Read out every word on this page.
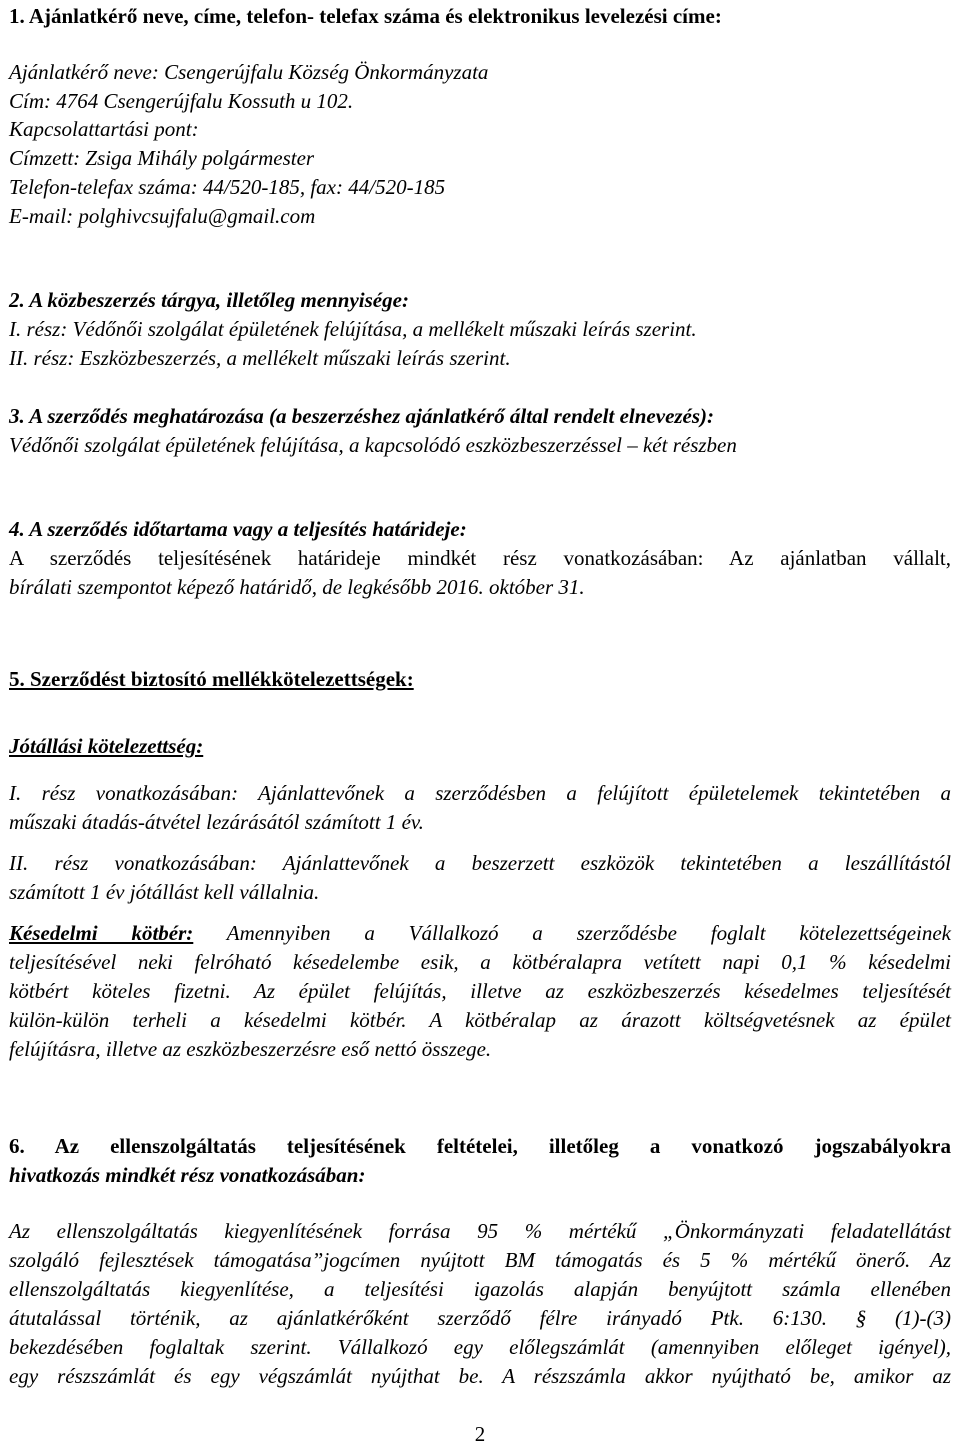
1. Ajánlatkérő neve, címe, telefon- telefax száma és elektronikus levelezési címe:
Ajánlatkérő neve: Csengerújfalu Község Önkormányzata
Cím: 4764 Csengerújfalu Kossuth u 102.
Kapcsolattartási pont:
Címzett: Zsiga Mihály polgármester
Telefon-telefax száma: 44/520-185, fax: 44/520-185
E-mail: polghivcsujfalu@gmail.com
2. A közbeszerzés tárgya, illetőleg mennyisége:
I. rész: Védőnői szolgálat épületének felújítása, a mellékelt műszaki leírás szerint.
II. rész: Eszközbeszerzés, a mellékelt műszaki leírás szerint.
3. A szerződés meghatározása (a beszerzéshez ajánlatkérő által rendelt elnevezés):
Védőnői szolgálat épületének felújítása, a kapcsolódó eszközbeszerzéssel – két részben
4. A szerződés időtartama vagy a teljesítés határideje:
A szerződés teljesítésének határideje mindkét rész vonatkozásában: Az ajánlatban vállalt,
bírálati szempontot képező határidő, de legkésőbb 2016. október 31.
5. Szerződést biztosító mellékkötelezettségek:
Jótállási kötelezettség:
I. rész vonatkozásában: Ajánlattevőnek a szerződésben a felújított épületelemek tekintetében a
műszaki átadás-átvétel lezárásától számított 1 év.
II. rész vonatkozásában: Ajánlattevőnek a beszerzett eszközök tekintetében a leszállítástól
számított 1 év jótállást kell vállalnia.
Késedelmi kötbér: Amennyiben a Vállalkozó a szerződésbe foglalt kötelezettségeinek
teljesítésével neki felróható késedelembe esik, a kötbéralapra vetített napi 0,1 % késedelmi
kötbért köteles fizetni. Az épület felújítás, illetve az eszközbeszerzés késedelmes teljesítését
külön-külön terheli a késedelmi kötbér. A kötbéralap az árazott költségvetésnek az épület
felújításra, illetve az eszközbeszerzésre eső nettó összege.
6. Az ellenszolgáltatás teljesítésének feltételei, illetőleg a vonatkozó jogszabályokra
hivatkozás mindkét rész vonatkozásában:
Az ellenszolgáltatás kiegyenlítésének forrása 95 % mértékű „Önkormányzati feladatellátást
szolgáló fejlesztések támogatása”jogcímen nyújtott BM támogatás és 5 % mértékű önerő. Az
ellenszolgáltatás kiegyenlítése, a teljesítési igazolás alapján benyújtott számla ellenében
átutalással történik, az ajánlatkérőként szerződő félre irányadó Ptk. 6:130. § (1)-(3)
bekezdésében foglaltak szerint. Vállalkozó egy előlegszámlát (amennyiben előleget igényel),
egy részszámlát és egy végszámlát nyújthat be. A részszámla akkor nyújtható be, amikor az
2
